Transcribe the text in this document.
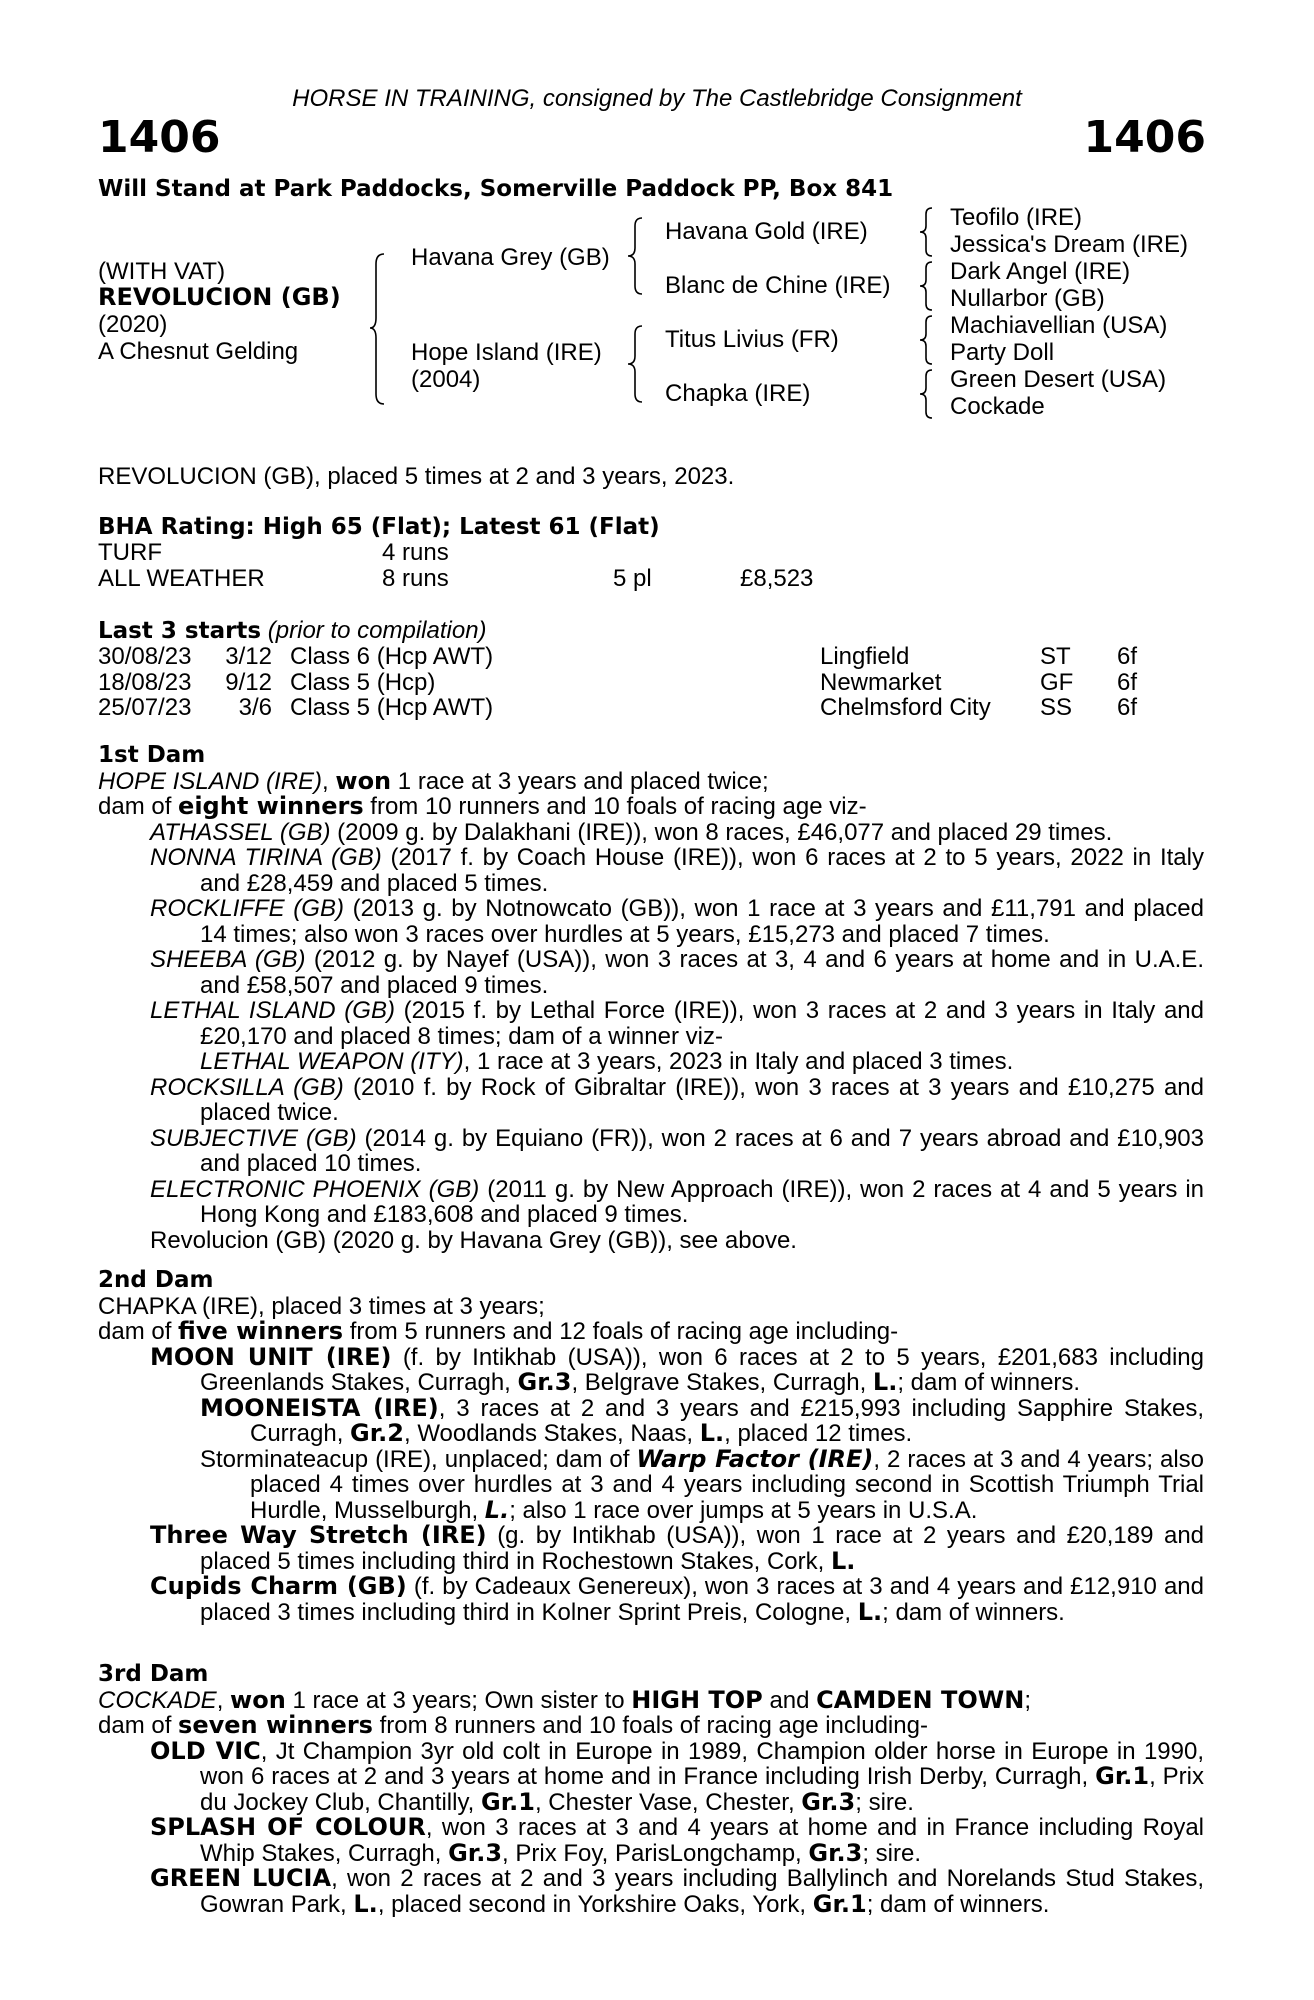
HORSE IN TRAINING, consigned by The Castlebridge Consignment
1406	1406
Will Stand at Park Paddocks, Somerville Paddock PP, Box 841
(WITH VAT)
REVOLUCION (GB)
(2020)
A Chesnut Gelding
Havana Grey (GB)
Hope Island (IRE)
(2004)
Havana Gold (IRE)
Blanc de Chine (IRE)
Titus Livius (FR)
Chapka (IRE)
Teofilo (IRE)
Jessica's Dream (IRE)
Dark Angel (IRE)
Nullarbor (GB)
Machiavellian (USA)
Party Doll
Green Desert (USA)
Cockade
REVOLUCION (GB), placed 5 times at 2 and 3 years, 2023.
BHA Rating: High 65 (Flat); Latest 61 (Flat)
TURF	4 runs
ALL WEATHER	8 runs	5 pl	£8,523
Last 3 starts (prior to compilation)
30/08/23	3/12 Class 6 (Hcp AWT)	Lingfield	ST 6f
18/08/23	9/12 Class 5 (Hcp)	Newmarket	GF 6f
25/07/23	3/6 Class 5 (Hcp AWT)	Chelmsford City SS 6f
1st Dam
HOPE ISLAND (IRE), won 1 race at 3 years and placed twice;
dam of eight winners from 10 runners and 10 foals of racing age viz-
ATHASSEL (GB) (2009 g. by Dalakhani (IRE)), won 8 races, £46,077 and placed 29 times.
NONNA TIRINA (GB) (2017 f. by Coach House (IRE)), won 6 races at 2 to 5 years, 2022 in Italy and £28,459 and placed 5 times.
ROCKLIFFE (GB) (2013 g. by Notnowcato (GB)), won 1 race at 3 years and £11,791 and placed 14 times; also won 3 races over hurdles at 5 years, £15,273 and placed 7 times.
SHEEBA (GB) (2012 g. by Nayef (USA)), won 3 races at 3, 4 and 6 years at home and in U.A.E. and £58,507 and placed 9 times.
LETHAL ISLAND (GB) (2015 f. by Lethal Force (IRE)), won 3 races at 2 and 3 years in Italy and £20,170 and placed 8 times; dam of a winner viz-
LETHAL WEAPON (ITY), 1 race at 3 years, 2023 in Italy and placed 3 times.
ROCKSILLA (GB) (2010 f. by Rock of Gibraltar (IRE)), won 3 races at 3 years and £10,275 and placed twice.
SUBJECTIVE (GB) (2014 g. by Equiano (FR)), won 2 races at 6 and 7 years abroad and £10,903 and placed 10 times.
ELECTRONIC PHOENIX (GB) (2011 g. by New Approach (IRE)), won 2 races at 4 and 5 years in Hong Kong and £183,608 and placed 9 times.
Revolucion (GB) (2020 g. by Havana Grey (GB)), see above.
2nd Dam
CHAPKA (IRE), placed 3 times at 3 years;
dam of five winners from 5 runners and 12 foals of racing age including-
MOON UNIT (IRE) (f. by Intikhab (USA)), won 6 races at 2 to 5 years, £201,683 including Greenlands Stakes, Curragh, Gr.3, Belgrave Stakes, Curragh, L.; dam of winners.
MOONEISTA (IRE), 3 races at 2 and 3 years and £215,993 including Sapphire Stakes, Curragh, Gr.2, Woodlands Stakes, Naas, L., placed 12 times.
Storminateacup (IRE), unplaced; dam of Warp Factor (IRE), 2 races at 3 and 4 years; also placed 4 times over hurdles at 3 and 4 years including second in Scottish Triumph Trial Hurdle, Musselburgh, L.; also 1 race over jumps at 5 years in U.S.A.
Three Way Stretch (IRE) (g. by Intikhab (USA)), won 1 race at 2 years and £20,189 and placed 5 times including third in Rochestown Stakes, Cork, L.
Cupids Charm (GB) (f. by Cadeaux Genereux), won 3 races at 3 and 4 years and £12,910 and placed 3 times including third in Kolner Sprint Preis, Cologne, L.; dam of winners.
3rd Dam
COCKADE, won 1 race at 3 years; Own sister to HIGH TOP and CAMDEN TOWN;
dam of seven winners from 8 runners and 10 foals of racing age including-
OLD VIC, Jt Champion 3yr old colt in Europe in 1989, Champion older horse in Europe in 1990, won 6 races at 2 and 3 years at home and in France including Irish Derby, Curragh, Gr.1, Prix du Jockey Club, Chantilly, Gr.1, Chester Vase, Chester, Gr.3; sire.
SPLASH OF COLOUR, won 3 races at 3 and 4 years at home and in France including Royal Whip Stakes, Curragh, Gr.3, Prix Foy, ParisLongchamp, Gr.3; sire.
GREEN LUCIA, won 2 races at 2 and 3 years including Ballylinch and Norelands Stud Stakes, Gowran Park, L., placed second in Yorkshire Oaks, York, Gr.1; dam of winners.
